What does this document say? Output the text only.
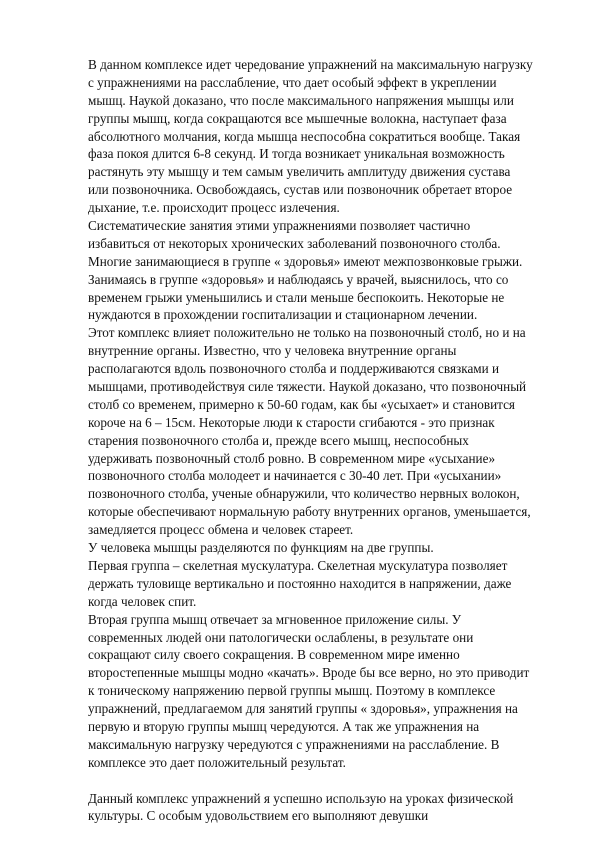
В данном комплексе идет чередование упражнений на максимальную нагрузку
с упражнениями на расслабление, что дает особый эффект в укреплении
мышц. Наукой доказано, что после максимального напряжения мышцы или
группы мышц, когда сокращаются все мышечные волокна, наступает фаза
абсолютного молчания, когда мышца неспособна сократиться вообще. Такая
фаза покоя длится 6-8 секунд. И тогда возникает уникальная возможность
растянуть эту мышцу и тем самым увеличить амплитуду движения сустава
или позвоночника. Освобождаясь, сустав или позвоночник обретает второе
дыхание, т.е. происходит процесс излечения.
Систематические занятия этими упражнениями позволяет частично
избавиться от некоторых хронических заболеваний позвоночного столба.
Многие занимающиеся в группе « здоровья» имеют межпозвонковые грыжи.
Занимаясь в группе «здоровья» и наблюдаясь у врачей, выяснилось, что со
временем грыжи уменьшились и стали меньше беспокоить. Некоторые не
нуждаются в прохождении госпитализации и стационарном лечении.
Этот комплекс влияет положительно не только на позвоночный столб, но и на
внутренние органы. Известно, что у человека внутренние органы
располагаются вдоль позвоночного столба и поддерживаются связками и
мышцами, противодействуя силе тяжести. Наукой доказано, что позвоночный
столб со временем, примерно к 50-60 годам, как бы «усыхает» и становится
короче на 6 – 15см. Некоторые люди к старости сгибаются - это признак
старения позвоночного столба и, прежде всего мышц, неспособных
удерживать позвоночный столб ровно. В современном мире «усыхание»
позвоночного столба молодеет и начинается с 30-40 лет. При «усыхании»
позвоночного столба, ученые обнаружили, что количество нервных волокон,
которые обеспечивают нормальную работу внутренних органов, уменьшается,
замедляется процесс обмена и человек стареет.
У человека мышцы разделяются по функциям на две группы.
Первая группа – скелетная мускулатура. Скелетная мускулатура позволяет
держать туловище вертикально и постоянно находится в напряжении, даже
когда человек спит.
Вторая группа мышц отвечает за мгновенное приложение силы. У
современных людей они патологически ослаблены, в результате они
сокращают силу своего сокращения. В современном мире именно
второстепенные мышцы модно «качать». Вроде бы все верно, но это приводит
к тоническому напряжению первой группы мышц. Поэтому в комплексе
упражнений, предлагаемом для занятий группы « здоровья», упражнения на
первую и вторую группы мышц чередуются. А так же упражнения на
максимальную нагрузку чередуются с упражнениями на расслабление. В
комплексе это дает положительный результат.
Данный комплекс упражнений я успешно использую на уроках физической
культуры. С особым удовольствием его выполняют девушки
